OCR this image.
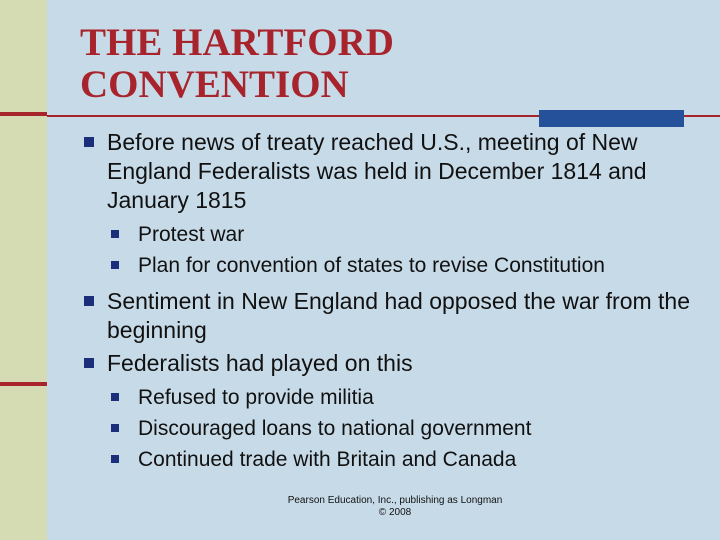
THE HARTFORD
CONVENTION

Before news of treaty reached U.S., meeting of New England Federalists was held in December 1814 and January 1815

Protest war

Plan for convention of states to revise Constitution

Sentiment in New England had opposed the war from the beginning

Federalists had played on this

Refused to provide militia

Discouraged loans to national government

Continued trade with Britain and Canada

Pearson Education, Inc., publishing as Longman
© 2008
